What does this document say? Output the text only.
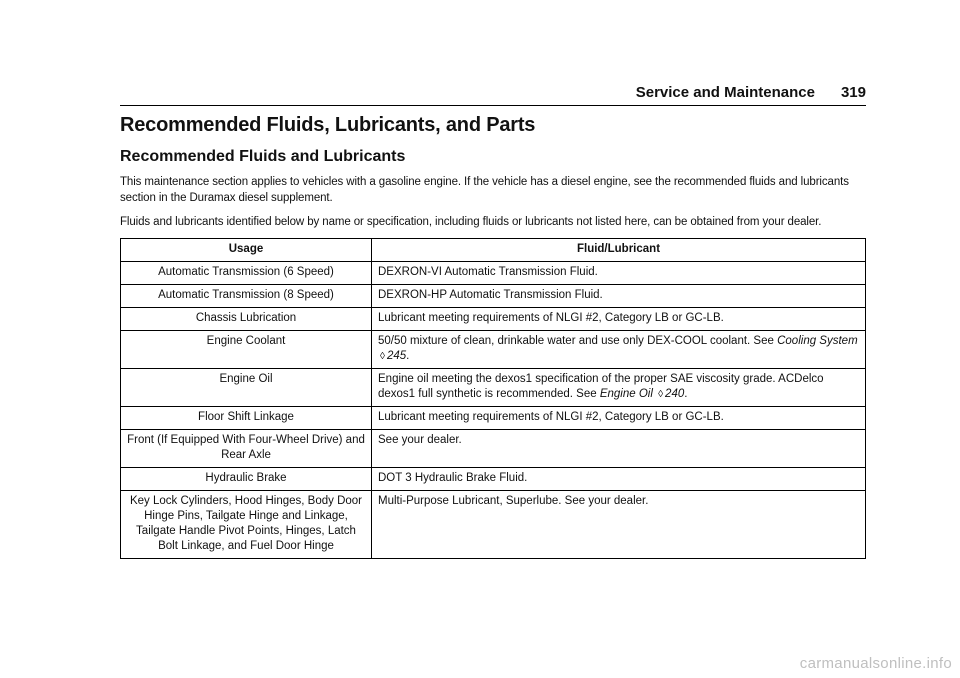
Service and Maintenance 319
Recommended Fluids, Lubricants, and Parts
Recommended Fluids and Lubricants

This maintenance section applies to vehicles with a gasoline engine. If the vehicle has a diesel engine, see the recommended fluids and lubricants section in the Duramax diesel supplement.

Fluids and lubricants identified below by name or specification, including fluids or lubricants not listed here, can be obtained from your dealer.

Usage	Fluid/Lubricant
Automatic Transmission (6 Speed)	DEXRON-VI Automatic Transmission Fluid.
Automatic Transmission (8 Speed)	DEXRON-HP Automatic Transmission Fluid.
Chassis Lubrication	Lubricant meeting requirements of NLGI #2, Category LB or GC-LB.
Engine Coolant	50/50 mixture of clean, drinkable water and use only DEX-COOL coolant. See Cooling System ◊ 245.
Engine Oil	Engine oil meeting the dexos1 specification of the proper SAE viscosity grade. ACDelco dexos1 full synthetic is recommended. See Engine Oil ◊ 240.
Floor Shift Linkage	Lubricant meeting requirements of NLGI #2, Category LB or GC-LB.
Front (If Equipped With Four-Wheel Drive) and Rear Axle	See your dealer.
Hydraulic Brake	DOT 3 Hydraulic Brake Fluid.
Key Lock Cylinders, Hood Hinges, Body Door Hinge Pins, Tailgate Hinge and Linkage, Tailgate Handle Pivot Points, Hinges, Latch Bolt Linkage, and Fuel Door Hinge	Multi-Purpose Lubricant, Superlube. See your dealer.
carmanualsonline.info
